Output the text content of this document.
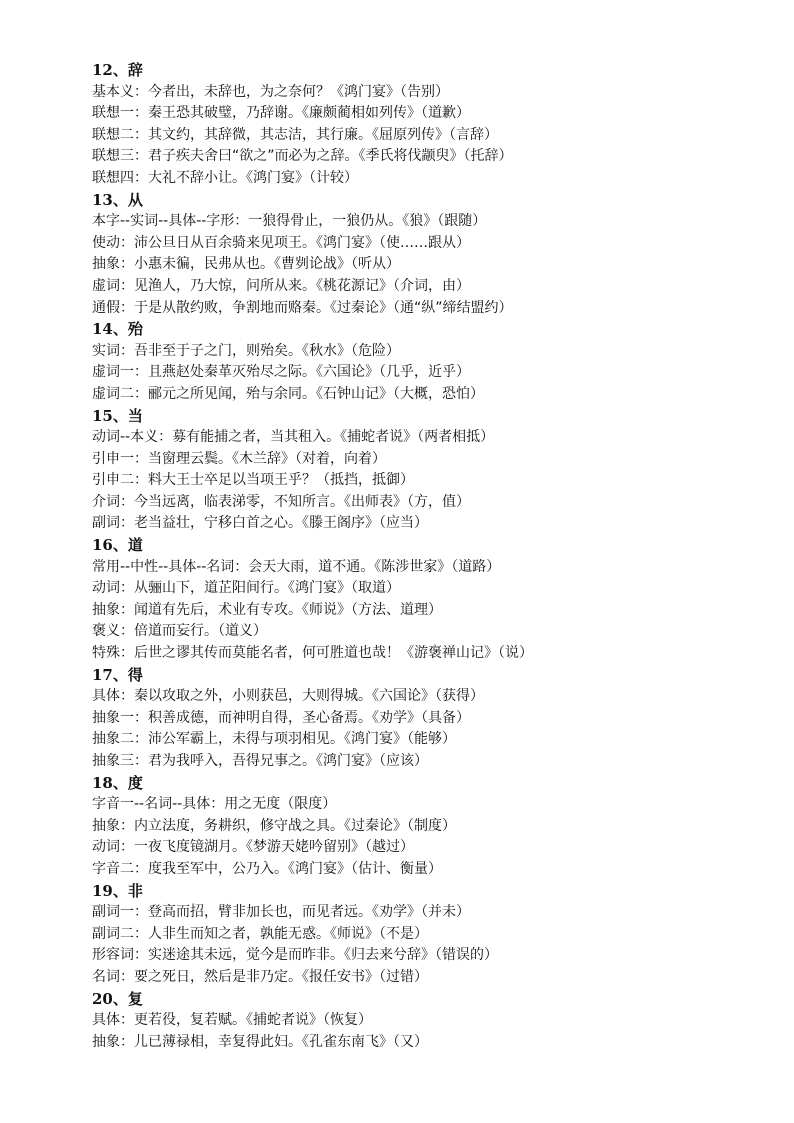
12、辞
基本义：今者出，未辞也，为之奈何？《鸿门宴》（告别）
联想一：秦王恐其破璧，乃辞谢。《廉颇蔺相如列传》（道歉）
联想二：其文约，其辞微，其志洁，其行廉。《屈原列传》（言辞）
联想三：君子疾夫舍曰“欲之”而必为之辞。《季氏将伐颛臾》（托辞）
联想四：大礼不辞小让。《鸿门宴》（计较）
13、从
本字--实词--具体--字形：一狼得骨止，一狼仍从。《狼》（跟随）
使动：沛公旦日从百余骑来见项王。《鸿门宴》（使……跟从）
抽象：小惠未徧，民弗从也。《曹刿论战》（听从）
虚词：见渔人，乃大惊，问所从来。《桃花源记》（介词，由）
通假：于是从散约败，争割地而赂秦。《过秦论》（通“纵”缔结盟约）
14、殆
实词：吾非至于子之门，则殆矣。《秋水》（危险）
虚词一：且燕赵处秦革灭殆尽之际。《六国论》（几乎，近乎）
虚词二：郦元之所见闻，殆与余同。《石钟山记》（大概，恐怕）
15、当
动词--本义：募有能捕之者，当其租入。《捕蛇者说》（两者相抵）
引申一：当窗理云鬓。《木兰辞》（对着，向着）
引申二：料大王士卒足以当项王乎？（抵挡，抵御）
介词：今当远离，临表涕零，不知所言。《出师表》（方，值）
副词：老当益壮，宁移白首之心。《滕王阁序》（应当）
16、道
常用--中性--具体--名词：会天大雨，道不通。《陈涉世家》（道路）
动词：从骊山下，道芷阳间行。《鸿门宴》（取道）
抽象：闻道有先后，术业有专攻。《师说》（方法、道理）
褒义：倍道而妄行。（道义）
特殊：后世之谬其传而莫能名者，何可胜道也哉！《游褒禅山记》（说）
17、得
具体：秦以攻取之外，小则获邑，大则得城。《六国论》（获得）
抽象一：积善成德，而神明自得，圣心备焉。《劝学》（具备）
抽象二：沛公军霸上，未得与项羽相见。《鸿门宴》（能够）
抽象三：君为我呼入，吾得兄事之。《鸿门宴》（应该）
18、度
字音一--名词--具体：用之无度（限度）
抽象：内立法度，务耕织，修守战之具。《过秦论》（制度）
动词：一夜飞度镜湖月。《梦游天姥吟留别》（越过）
字音二：度我至军中，公乃入。《鸿门宴》（估计、衡量）
19、非
副词一：登高而招，臂非加长也，而见者远。《劝学》（并未）
副词二：人非生而知之者，孰能无惑。《师说》（不是）
形容词：实迷途其未远，觉今是而昨非。《归去来兮辞》（错误的）
名词：要之死日，然后是非乃定。《报任安书》（过错）
20、复
具体：更若役，复若赋。《捕蛇者说》（恢复）
抽象：儿已薄禄相，幸复得此妇。《孔雀东南飞》（又）
